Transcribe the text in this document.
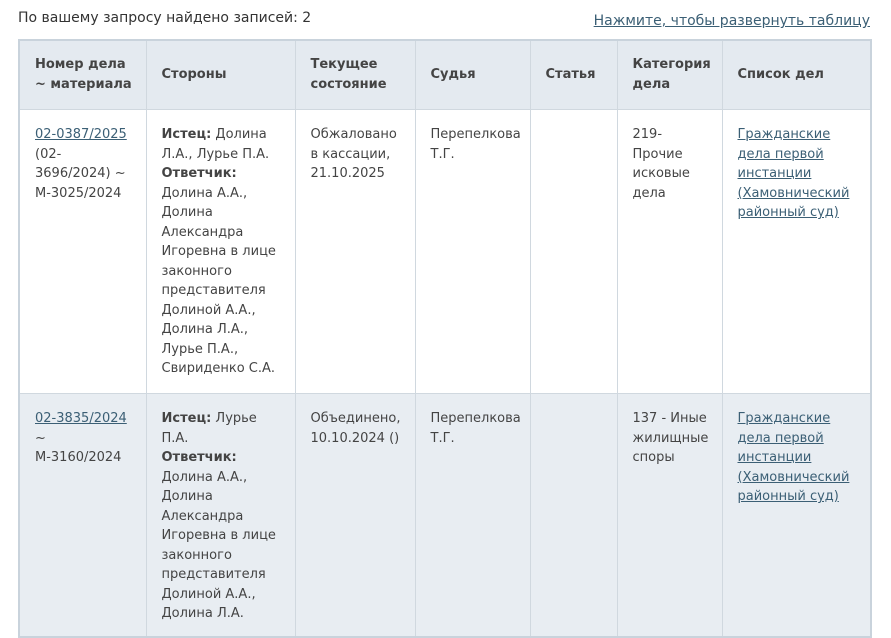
По вашему запросу найдено записей: 2	Нажмите, чтобы развернуть таблицу
Номер дела ~ материала	Стороны	Текущее состояние	Судья	Статья	Категория дела	Список дел
02-0387/2025 (02-3696/2024) ~ М-3025/2024	Истец: Долина Л.А., Лурье П.А.
Ответчик:
Долина А.А., Долина Александра Игоревна в лице законного представителя Долиной А.А., Долина Л.А., Лурье П.А., Свириденко С.А.	Обжаловано в кассации, 21.10.2025	Перепелкова Т.Г.		219-Прочие исковые дела	Гражданские дела первой инстанции (Хамовнический районный суд)
02-3835/2024 ~ М-3160/2024	Истец: Лурье П.А.
Ответчик:
Долина А.А., Долина Александра Игоревна в лице законного представителя Долиной А.А., Долина Л.А.	Объединено, 10.10.2024 ()	Перепелкова Т.Г.		137 - Иные жилищные споры	Гражданские дела первой инстанции (Хамовнический районный суд)
